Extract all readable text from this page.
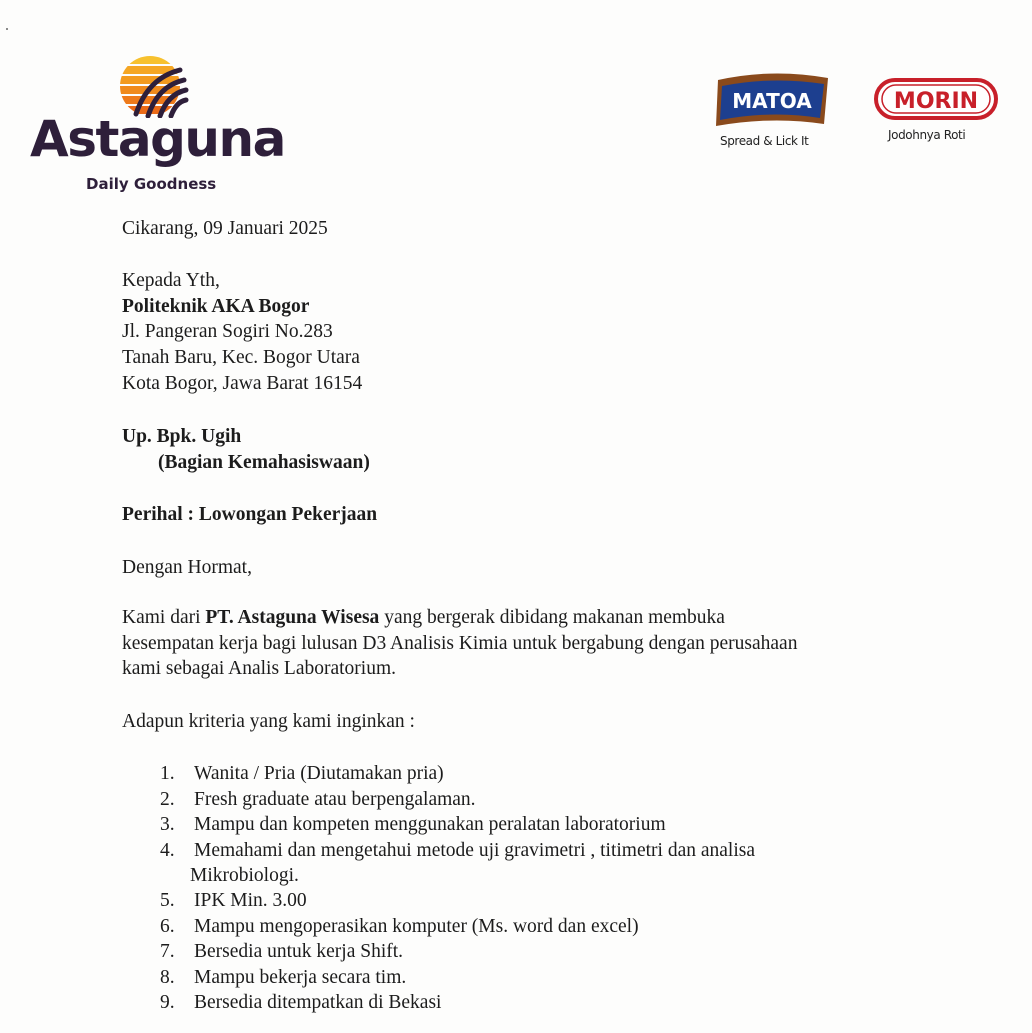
Astaguna
Daily Goodness
MATOA
Spread & Lick It
MORIN
Jodohnya Roti
Cikarang, 09 Januari 2025
Kepada Yth,
Politeknik AKA Bogor
Jl. Pangeran Sogiri No.283
Tanah Baru, Kec. Bogor Utara
Kota Bogor, Jawa Barat 16154
Up. Bpk. Ugih
(Bagian Kemahasiswaan)
Perihal : Lowongan Pekerjaan
Dengan Hormat,
Kami dari PT. Astaguna Wisesa yang bergerak dibidang makanan membuka
kesempatan kerja bagi lulusan D3 Analisis Kimia untuk bergabung dengan perusahaan
kami sebagai Analis Laboratorium.
Adapun kriteria yang kami inginkan :
1. Wanita / Pria (Diutamakan pria)
2. Fresh graduate atau berpengalaman.
3. Mampu dan kompeten menggunakan peralatan laboratorium
4. Memahami dan mengetahui metode uji gravimetri , titimetri dan analisa
Mikrobiologi.
5. IPK Min. 3.00
6. Mampu mengoperasikan komputer (Ms. word dan excel)
7. Bersedia untuk kerja Shift.
8. Mampu bekerja secara tim.
9. Bersedia ditempatkan di Bekasi
